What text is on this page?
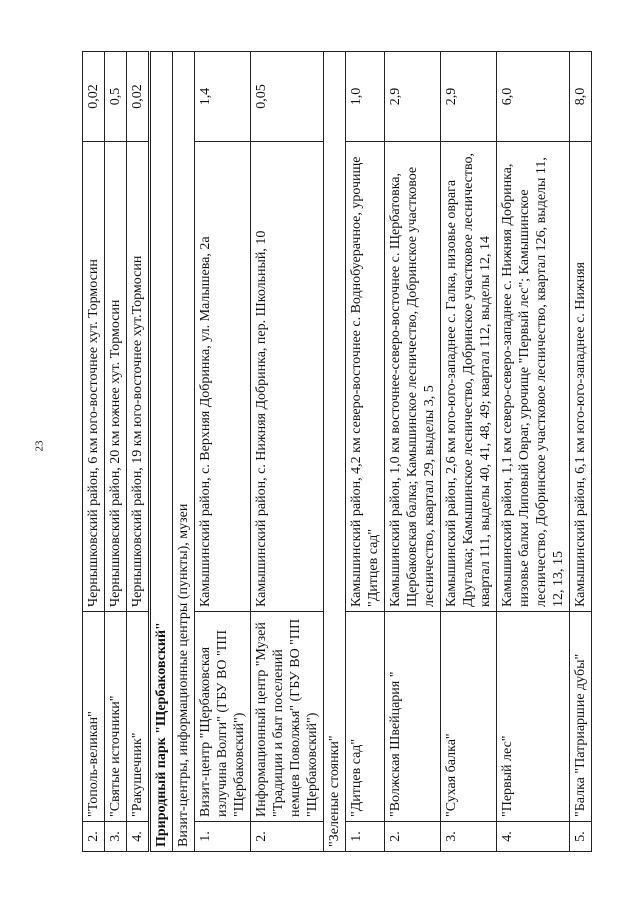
23
2.	"Тополь-великан"	Чернышковский район, 6 км юго-восточнее хут. Тормосин	0,02
3.	"Святые источники"	Чернышковский район, 20 км южнее хут. Тормосин	0,5
4.	"Ракушечник"	Чернышковский район, 19 км юго-восточнее хут.Тормосин	0,02
Природный парк "Щербаковский"			
Визит-центры, информационные центры (пункты), музеи			
1.	Визит-центр "Щербаковская излучина Волги" (ГБУ ВО "ПП "Щербаковский")	Камышинский район, с. Верхняя Добринка, ул. Малышева, 2а	1,4
2.	Информационный центр "Музей "Традиции и быт поселений немцев Поволжья" (ГБУ ВО "ПП "Щербаковский")	Камышинский район, с. Нижняя Добринка, пер. Школьный, 10	0,05
"Зеленые стоянки"			
1.	"Дитцев сад"	Камышинский район, 4,2 км северо-восточнее с. Воднобуерачное, урочище "Дитцев сад"	1,0
2.	"Волжская Швейцария "	Камышинский район, 1,0 км восточнее-северо-восточнее с. Щербатовка, Щербаковская балка; Камышинское лесничество, Добринское участковое лесничество, квартал 29, выделы 3, 5	2,9
3.	"Сухая балка"	Камышинский район, 2,6 км юго-юго-западнее с. Галка, низовье оврага Другалка; Камышинское лесничество, Добринское участковое лесничество, квартал 111, выделы 40, 41, 48, 49; квартал 112, выделы 12, 14	2,9
4.	"Первый лес"	Камышинский район, 1,1 км северо-северо-западнее с. Нижняя Добринка, низовье балки Липовый Овраг, урочище "Первый лес"; Камышинское лесничество, Добринское участковое лесничество, квартал 126, выделы 11, 12, 13, 15	6,0
5.	"Балка "Патриаршие дубы"	Камышинский район, 6,1 км юго-юго-западнее с. Нижняя	8,0
